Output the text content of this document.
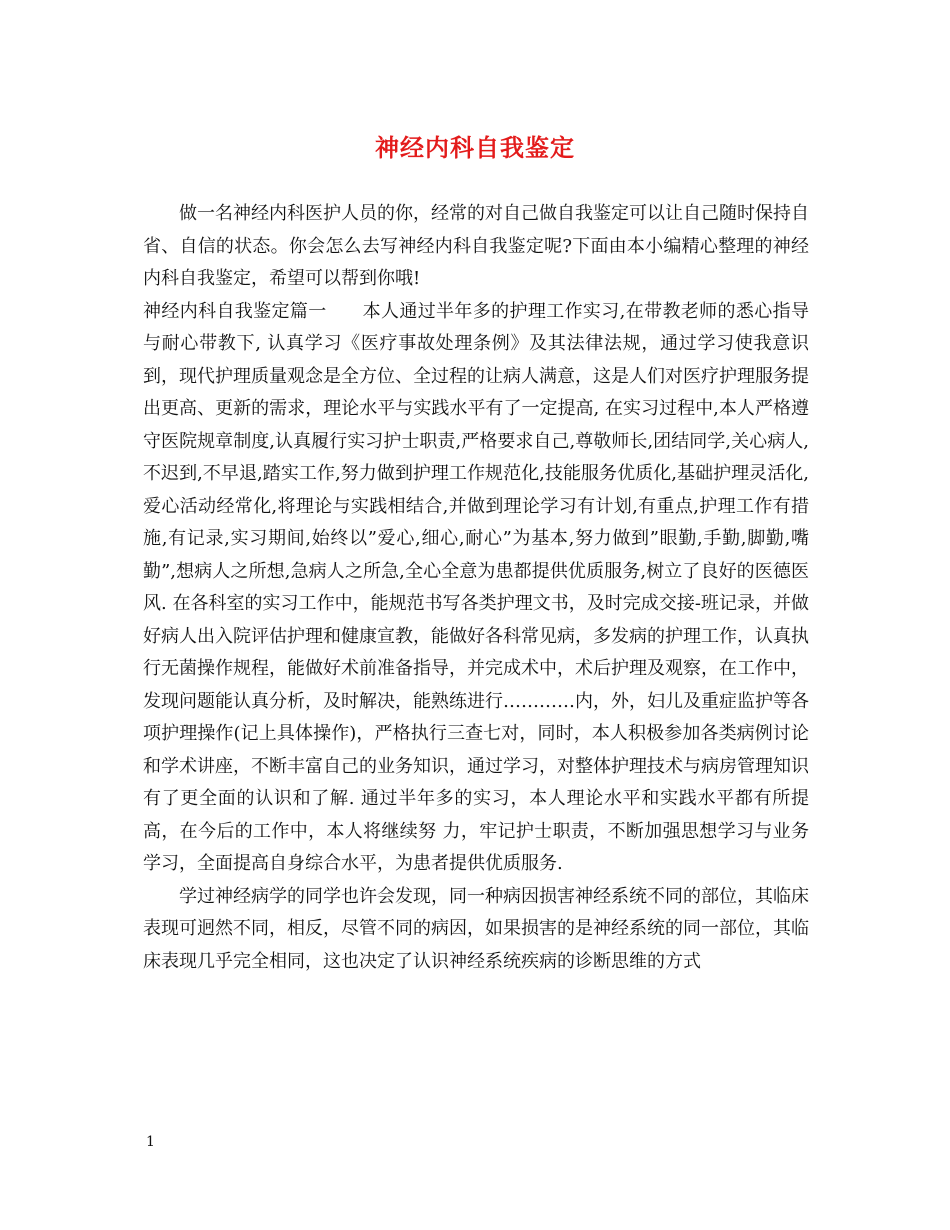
神经内科自我鉴定

做一名神经内科医护人员的你，经常的对自己做自我鉴定可以让自己随时保持自省、自信的状态。你会怎么去写神经内科自我鉴定呢?下面由本小编精心整理的神经内科自我鉴定，希望可以帮到你哦!

神经内科自我鉴定篇一 本人通过半年多的护理工作实习,在带教老师的悉心指导与耐心带教下, 认真学习《医疗事故处理条例》及其法律法规，通过学习使我意识到，现代护理质量观念是全方位、全过程的让病人满意，这是人们对医疗护理服务提出更高、更新的需求，理论水平与实践水平有了一定提高, 在实习过程中,本人严格遵守医院规章制度,认真履行实习护士职责,严格要求自己,尊敬师长,团结同学,关心病人,不迟到,不早退,踏实工作,努力做到护理工作规范化,技能服务优质化,基础护理灵活化,爱心活动经常化,将理论与实践相结合,并做到理论学习有计划,有重点,护理工作有措施,有记录,实习期间,始终以”爱心,细心,耐心”为基本,努力做到”眼勤,手勤,脚勤,嘴勤”,想病人之所想,急病人之所急,全心全意为患都提供优质服务,树立了良好的医德医风. 在各科室的实习工作中，能规范书写各类护理文书，及时完成交接-班记录，并做好病人出入院评估护理和健康宣教，能做好各科常见病，多发病的护理工作，认真执行无菌操作规程，能做好术前准备指导，并完成术中，术后护理及观察，在工作中，发现问题能认真分析，及时解决，能熟练进行…………内，外，妇儿及重症监护等各项护理操作(记上具体操作)，严格执行三查七对，同时，本人积极参加各类病例讨论和学术讲座，不断丰富自己的业务知识，通过学习，对整体护理技术与病房管理知识有了更全面的认识和了解. 通过半年多的实习，本人理论水平和实践水平都有所提高，在今后的工作中，本人将继续努 力，牢记护士职责，不断加强思想学习与业务学习，全面提高自身综合水平，为患者提供优质服务.

学过神经病学的同学也许会发现，同一种病因损害神经系统不同的部位，其临床表现可迥然不同，相反，尽管不同的病因，如果损害的是神经系统的同一部位，其临床表现几乎完全相同，这也决定了认识神经系统疾病的诊断思维的方式

1
